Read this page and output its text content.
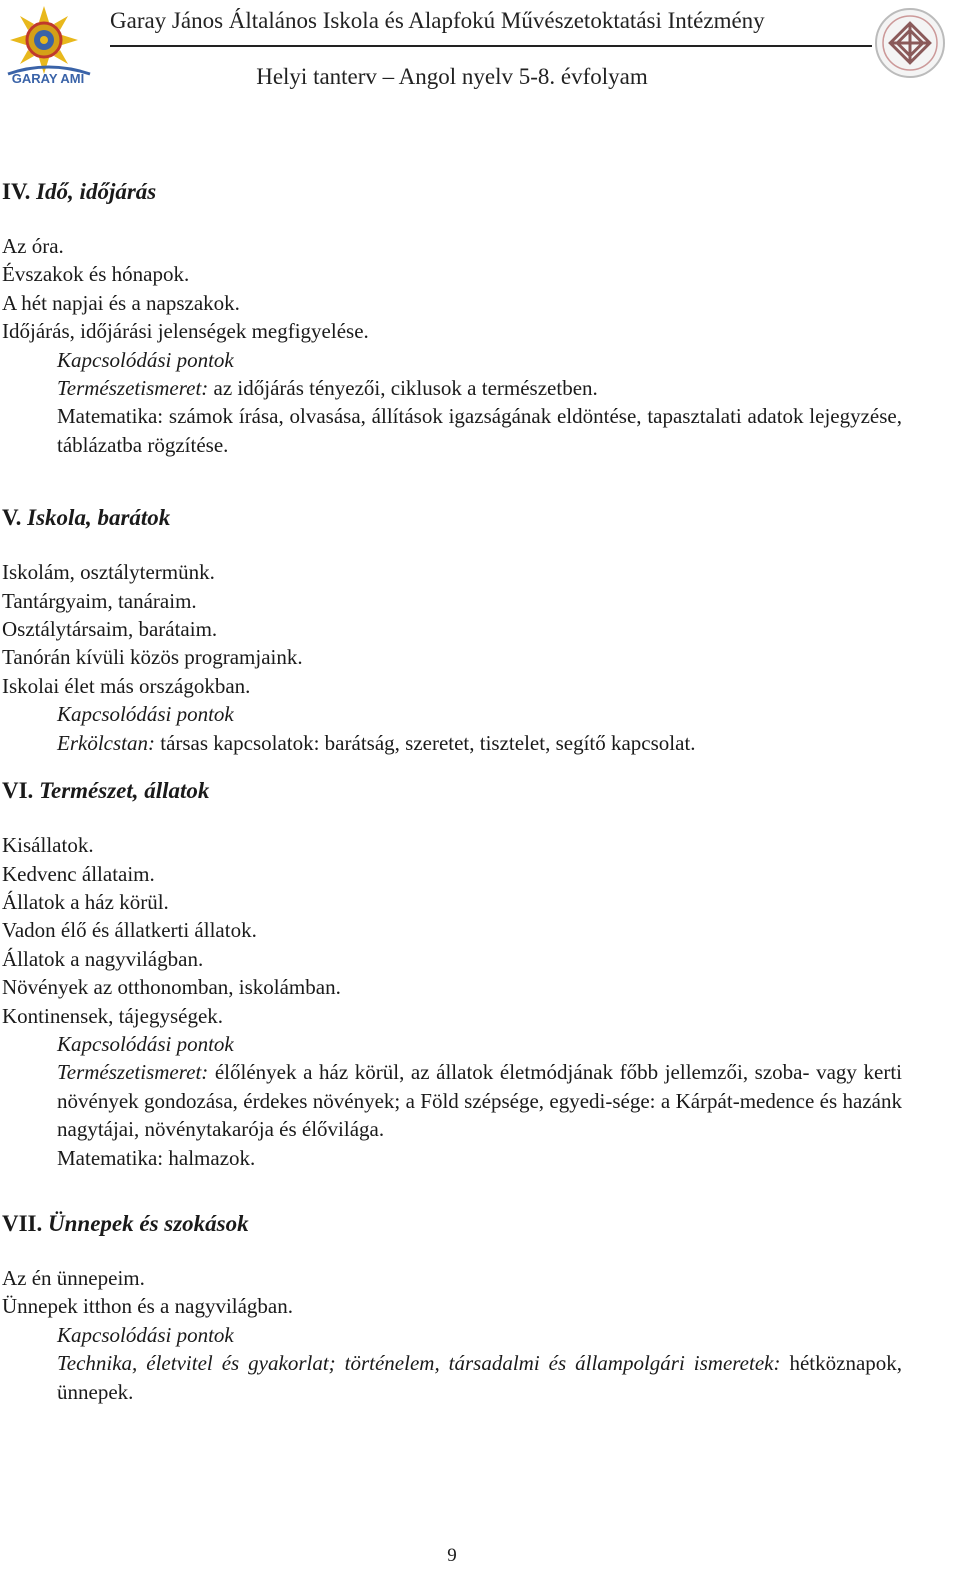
GARAY AMI
Garay János Általános Iskola és Alapfokú Művészetoktatási Intézmény
Helyi tanterv – Angol nyelv 5-8. évfolyam
IV. Idő, időjárás
Az óra.
Évszakok és hónapok.
A hét napjai és a napszakok.
Időjárás, időjárási jelenségek megfigyelése.
Kapcsolódási pontok
Természetismeret: az időjárás tényezői, ciklusok a természetben.
Matematika: számok írása, olvasása, állítások igazságának eldöntése, tapasztalati adatok lejegyzése, táblázatba rögzítése.
V. Iskola, barátok
Iskolám, osztálytermünk.
Tantárgyaim, tanáraim.
Osztálytársaim, barátaim.
Tanórán kívüli közös programjaink.
Iskolai élet más országokban.
Kapcsolódási pontok
Erkölcstan: társas kapcsolatok: barátság, szeretet, tisztelet, segítő kapcsolat.
VI. Természet, állatok
Kisállatok.
Kedvenc állataim.
Állatok a ház körül.
Vadon élő és állatkerti állatok.
Állatok a nagyvilágban.
Növények az otthonomban, iskolámban.
Kontinensek, tájegységek.
Kapcsolódási pontok
Természetismeret: élőlények a ház körül, az állatok életmódjának főbb jellemzői, szoba- vagy kerti növények gondozása, érdekes növények; a Föld szépsége, egyedi-sége: a Kárpát-medence és hazánk nagytájai, növénytakarója és élővilága.
Matematika: halmazok.
VII. Ünnepek és szokások
Az én ünnepeim.
Ünnepek itthon és a nagyvilágban.
Kapcsolódási pontok
Technika, életvitel és gyakorlat; történelem, társadalmi és állampolgári ismeretek: hétköznapok, ünnepek.
9
